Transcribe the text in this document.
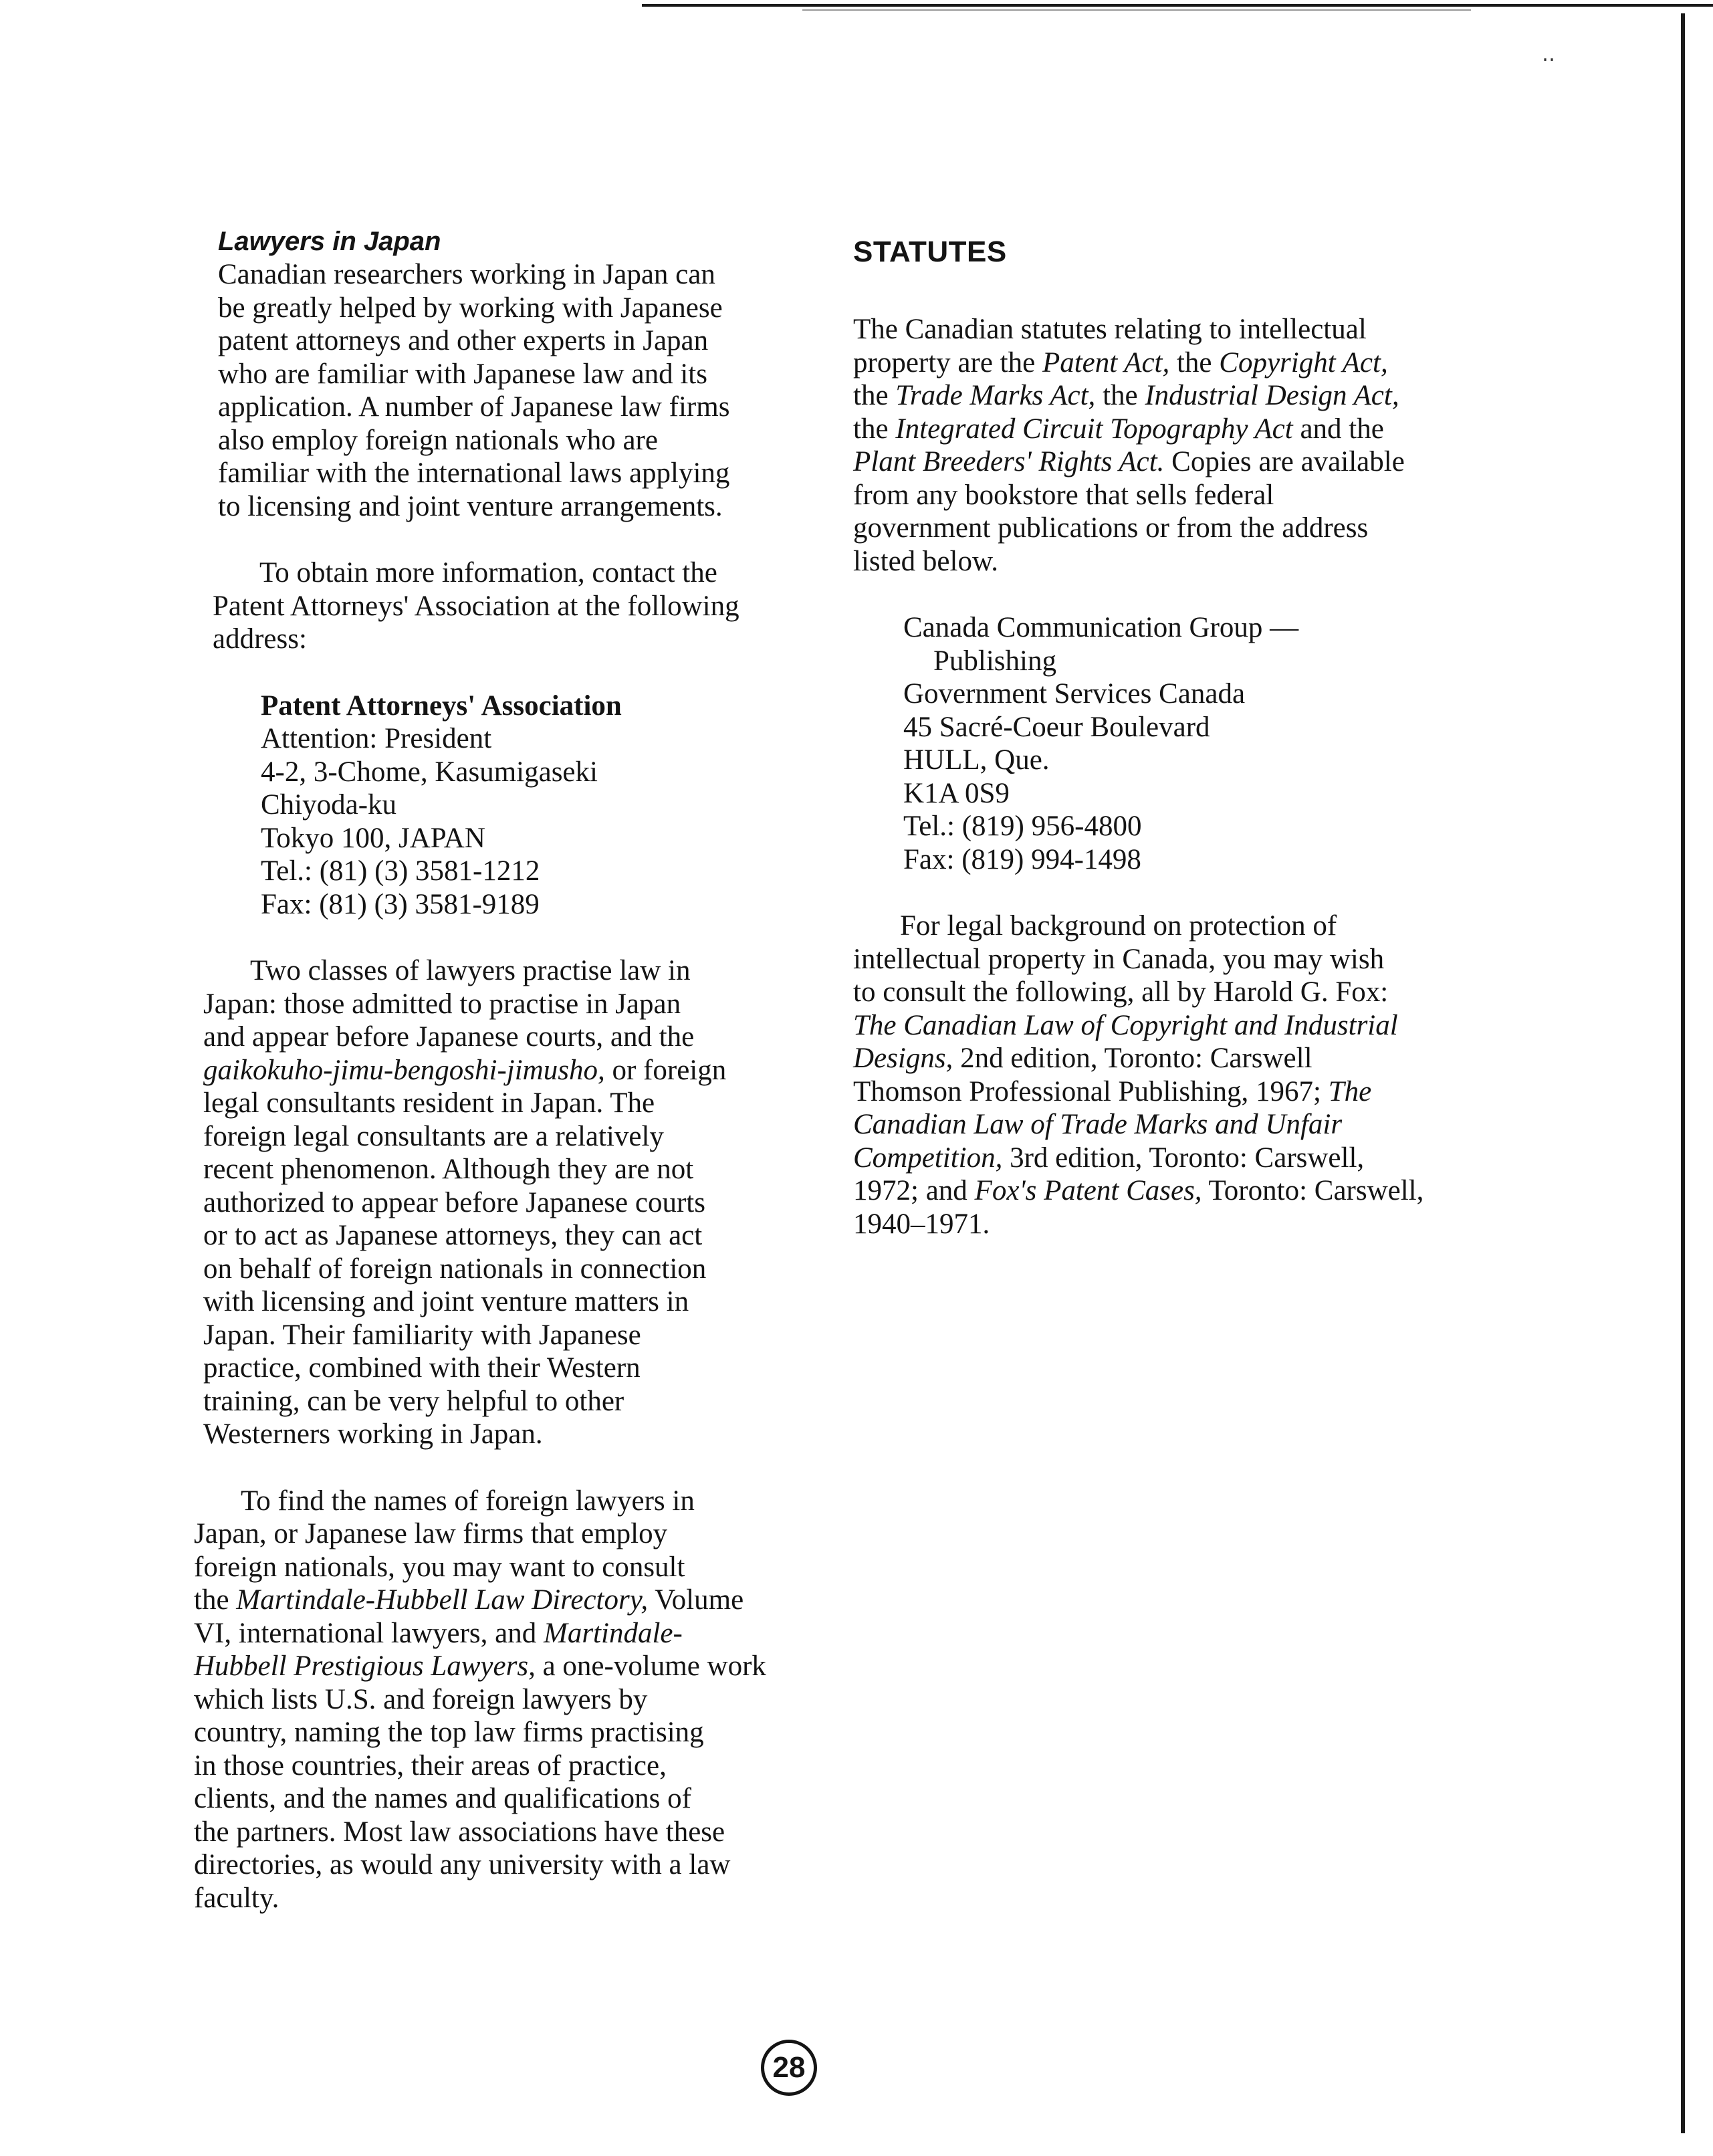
‥
Lawyers in Japan

Canadian researchers working in Japan can
be greatly helped by working with Japanese
patent attorneys and other experts in Japan
who are familiar with Japanese law and its
application. A number of Japanese law firms
also employ foreign nationals who are
familiar with the international laws applying
to licensing and joint venture arrangements.

To obtain more information, contact the
Patent Attorneys' Association at the following
address:

Patent Attorneys' Association
Attention: President
4-2, 3-Chome, Kasumigaseki
Chiyoda-ku
Tokyo 100, JAPAN
Tel.: (81) (3) 3581-1212
Fax: (81) (3) 3581-9189

Two classes of lawyers practise law in
Japan: those admitted to practise in Japan
and appear before Japanese courts, and the
gaikokuho-jimu-bengoshi-jimusho, or foreign
legal consultants resident in Japan. The
foreign legal consultants are a relatively
recent phenomenon. Although they are not
authorized to appear before Japanese courts
or to act as Japanese attorneys, they can act
on behalf of foreign nationals in connection
with licensing and joint venture matters in
Japan. Their familiarity with Japanese
practice, combined with their Western
training, can be very helpful to other
Westerners working in Japan.

To find the names of foreign lawyers in
Japan, or Japanese law firms that employ
foreign nationals, you may want to consult
the Martindale-Hubbell Law Directory, Volume
VI, international lawyers, and Martindale-
Hubbell Prestigious Lawyers, a one-volume work
which lists U.S. and foreign lawyers by
country, naming the top law firms practising
in those countries, their areas of practice,
clients, and the names and qualifications of
the partners. Most law associations have these
directories, as would any university with a law
faculty.

STATUTES

The Canadian statutes relating to intellectual
property are the Patent Act, the Copyright Act,
the Trade Marks Act, the Industrial Design Act,
the Integrated Circuit Topography Act and the
Plant Breeders' Rights Act. Copies are available
from any bookstore that sells federal
government publications or from the address
listed below.

Canada Communication Group —
Publishing
Government Services Canada
45 Sacré-Coeur Boulevard
HULL, Que.
K1A 0S9
Tel.: (819) 956-4800
Fax: (819) 994-1498

For legal background on protection of
intellectual property in Canada, you may wish
to consult the following, all by Harold G. Fox:
The Canadian Law of Copyright and Industrial
Designs, 2nd edition, Toronto: Carswell
Thomson Professional Publishing, 1967; The
Canadian Law of Trade Marks and Unfair
Competition, 3rd edition, Toronto: Carswell,
1972; and Fox's Patent Cases, Toronto: Carswell,
1940–1971.

28
